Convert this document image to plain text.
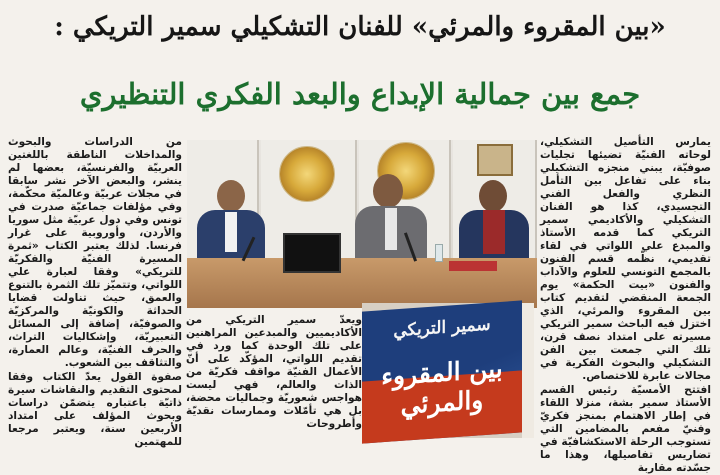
«بين المقروء والمرئي» للفنان التشكيلي سمير التريكي :
جمع بين جمالية الإبداع والبعد الفكري التنظيري

يمارس التأصيل التشكيلي، لوحاته الفنيّة تضيئها تجليات صوفيّة، يبني منجزه التشكيلي بناء على تفاعل بين التأمل النظري والفعل الفني التجسيدي، كذا هو الفنان التشكيلي والأكاديمي سمير التريكي كما قدمه الأستاذ والمبدع علي اللواتي في لقاء تقديمي، نظّمه قسم الفنون بالمجمع التونسي للعلوم والآداب والفنون «بيت الحكمة» يوم الجمعة المنقضي لتقديم كتاب بين المقروء والمرئي، الذي اختزل فيه الباحث سمير التريكي مسيرته على امتداد نصف قرن، تلك التي جمعت بين الفن التشكيلي والبحوث الفكرية في مجالات عابرة للاختصاص.

افتتح الأمسيّة رئيس القسم الأستاذ سمير بشة، منزلا اللقاء في إطار الاهتمام بمنجز فكريّ وفنيّ مفعم بالمضامين التي تستوجب الرحلة الاستكشافيّة في تضاريس تفاصيلها، وهذا ما جسّدته مقاربة

من الدراسات والبحوث والمداخلات الناطقة باللغتين العربيّة والفرنسيّة، بعضها لم ينشر، والبعض الآخر نشر سابقا في مجلات عربيّة وعالميّة محكّمة، وفي مؤلفات جماعيّة صدرت في تونس وفي دول عربيّة مثل سوريا والأردن، وأوروبية على غرار فرنسا. لذلك يعتبر الكتاب «ثمرة المسيرة الفنيّة والفكريّة للتريكي» وفقا لعبارة علي اللواتي، وتتميّز تلك الثمرة بالتنوع والعمق، حيث تناولت قضايا الحداثة والكونيّة والمركزيّة والصوفيّة، إضافة إلى المسائل التعبيريّة، وإشكاليات التراث، والحرف الفنيّة، وعالم العمارة، والتثاقف بين الشعوب.

صفوة القول يعدّ الكتاب وفقا لمحتوى التقديم والنقاشات سيرة ذاتيّة باعتباره يتضمّن دراسات وبحوث المؤلف على امتداد الأربعين سنة، ويعتبر مرجعا للمهتمين

ويعدّ سمير التريكي من الأكاديميين والمبدعين المراهنين على تلك الوحدة كما ورد في تقديم اللواتي، المؤكّد على أنّ الأعمال الفنيّة مواقف فكريّة من الذات والعالم، فهي ليست هواجس شعوريّة وجماليات محضة، بل هي تأمّلات وممارسات نقديّة وأطروحات

سمير التريكي
بين المقروء والمرئي
